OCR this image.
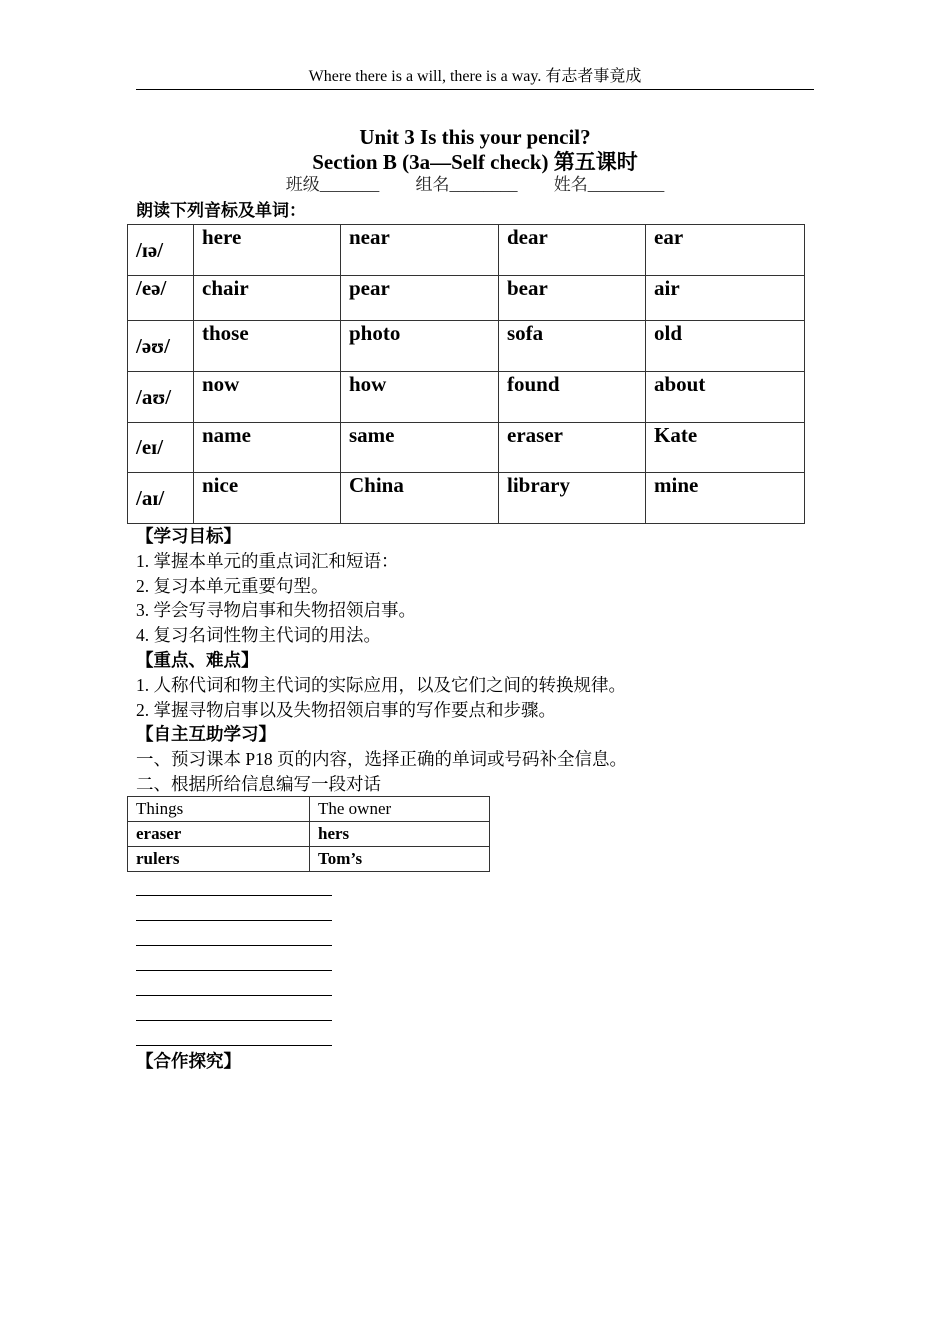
Where there is a will, there is a way. 有志者事竟成
Unit 3 Is this your pencil?
Section B (3a—Self check) 第五课时
班级_______ 组名________ 姓名_________
朗读下列音标及单词：
/ɪə/	here	near	dear	ear
/eə/	chair	pear	bear	air
/əʊ/	those	photo	sofa	old
/aʊ/	now	how	found	about
/eɪ/	name	same	eraser	Kate
/aɪ/	nice	China	library	mine
【学习目标】
1. 掌握本单元的重点词汇和短语：
2. 复习本单元重要句型。
3. 学会写寻物启事和失物招领启事。
4. 复习名词性物主代词的用法。
【重点、难点】
1. 人称代词和物主代词的实际应用，以及它们之间的转换规律。
2. 掌握寻物启事以及失物招领启事的写作要点和步骤。
【自主互助学习】
一、预习课本 P18 页的内容，选择正确的单词或号码补全信息。
二、根据所给信息编写一段对话
Things	The owner
eraser	hers
rulers	Tom’s
【合作探究】
